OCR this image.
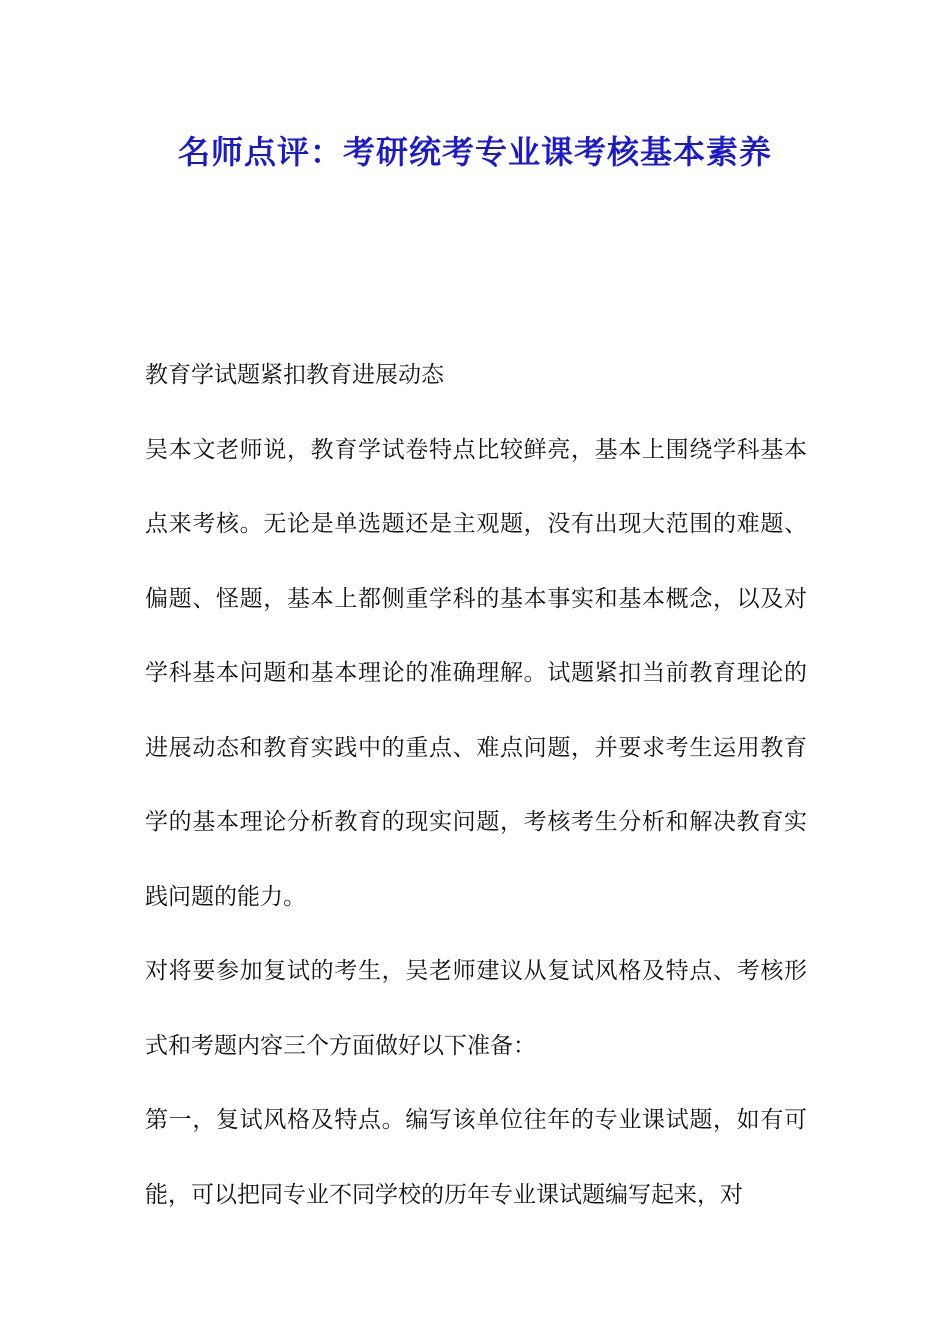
名师点评：考研统考专业课考核基本素养

教育学试题紧扣教育进展动态

吴本文老师说，教育学试卷特点比较鲜亮，基本上围绕学科基本点来考核。无论是单选题还是主观题，没有出现大范围的难题、偏题、怪题，基本上都侧重学科的基本事实和基本概念，以及对学科基本问题和基本理论的准确理解。试题紧扣当前教育理论的进展动态和教育实践中的重点、难点问题，并要求考生运用教育学的基本理论分析教育的现实问题，考核考生分析和解决教育实践问题的能力。

对将要参加复试的考生，吴老师建议从复试风格及特点、考核形式和考题内容三个方面做好以下准备：

第一，复试风格及特点。编写该单位往年的专业课试题，如有可能，可以把同专业不同学校的历年专业课试题编写起来，对
